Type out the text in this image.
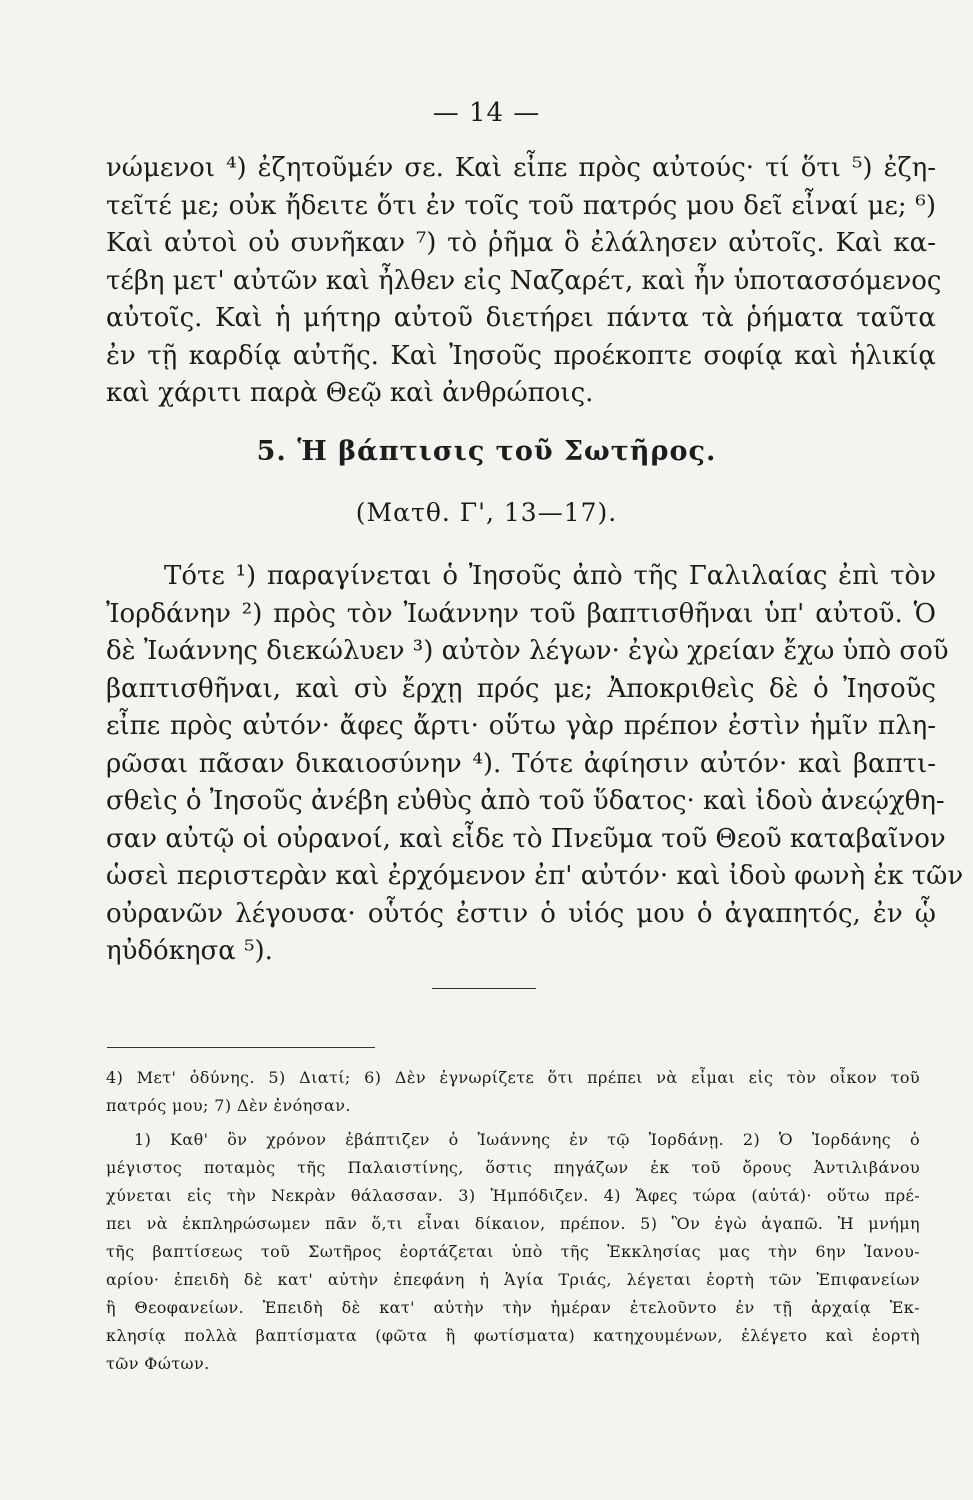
— 14 —
νώμενοι ⁴) ἐζητοῦμέν σε. Καὶ εἶπε πρὸς αὐτούς· τί ὅτι ⁵) ἐζη-
τεῖτέ με; οὐκ ἤδειτε ὅτι ἐν τοῖς τοῦ πατρός μου δεῖ εἶναί με; ⁶)
Καὶ αὐτοὶ οὐ συνῆκαν ⁷) τὸ ῥῆμα ὃ ἐλάλησεν αὐτοῖς. Καὶ κα-
τέβη μετ' αὐτῶν καὶ ἦλθεν εἰς Ναζαρέτ, καὶ ἦν ὑποτασσόμενος
αὐτοῖς. Καὶ ἡ μήτηρ αὐτοῦ διετήρει πάντα τὰ ῥήματα ταῦτα
ἐν τῇ καρδίᾳ αὐτῆς. Καὶ Ἰησοῦς προέκοπτε σοφίᾳ καὶ ἡλικίᾳ
καὶ χάριτι παρὰ Θεῷ καὶ ἀνθρώποις.
5. Ἡ βάπτισις τοῦ Σωτῆρος.
(Ματθ. Γ', 13—17).
Τότε ¹) παραγίνεται ὁ Ἰησοῦς ἀπὸ τῆς Γαλιλαίας ἐπὶ τὸν
Ἰορδάνην ²) πρὸς τὸν Ἰωάννην τοῦ βαπτισθῆναι ὑπ' αὐτοῦ. Ὁ
δὲ Ἰωάννης διεκώλυεν ³) αὐτὸν λέγων· ἐγὼ χρείαν ἔχω ὑπὸ σοῦ
βαπτισθῆναι, καὶ σὺ ἔρχῃ πρός με; Ἀποκριθεὶς δὲ ὁ Ἰησοῦς
εἶπε πρὸς αὐτόν· ἄφες ἄρτι· οὕτω γὰρ πρέπον ἐστὶν ἡμῖν πλη-
ρῶσαι πᾶσαν δικαιοσύνην ⁴). Τότε ἀφίησιν αὐτόν· καὶ βαπτι-
σθεὶς ὁ Ἰησοῦς ἀνέβη εὐθὺς ἀπὸ τοῦ ὕδατος· καὶ ἰδοὺ ἀνεῴχθη-
σαν αὐτῷ οἱ οὐρανοί, καὶ εἶδε τὸ Πνεῦμα τοῦ Θεοῦ καταβαῖνον
ὡσεὶ περιστερὰν καὶ ἐρχόμενον ἐπ' αὐτόν· καὶ ἰδοὺ φωνὴ ἐκ τῶν
οὐρανῶν λέγουσα· οὗτός ἐστιν ὁ υἱός μου ὁ ἀγαπητός, ἐν ᾧ
ηὐδόκησα ⁵).
4) Μετ' ὀδύνης. 5) Διατί; 6) Δὲν ἐγνωρίζετε ὅτι πρέπει νὰ εἶμαι εἰς τὸν οἶκον τοῦ
πατρός μου; 7) Δὲν ἐνόησαν.
1) Καθ' ὃν χρόνον ἐβάπτιζεν ὁ Ἰωάννης ἐν τῷ Ἰορδάνῃ. 2) Ὁ Ἰορδάνης ὁ
μέγιστος ποταμὸς τῆς Παλαιστίνης, ὅστις πηγάζων ἐκ τοῦ ὄρους Ἀντιλιβάνου
χύνεται εἰς τὴν Νεκρὰν θάλασσαν. 3) Ἠμπόδιζεν. 4) Ἄφες τώρα (αὐτά)· οὕτω πρέ-
πει νὰ ἐκπληρώσωμεν πᾶν ὅ,τι εἶναι δίκαιον, πρέπον. 5) Ὃν ἐγὼ ἀγαπῶ. Ἡ μνήμη
τῆς βαπτίσεως τοῦ Σωτῆρος ἑορτάζεται ὑπὸ τῆς Ἐκκλησίας μας τὴν 6ην Ἰανου-
αρίου· ἐπειδὴ δὲ κατ' αὐτὴν ἐπεφάνη ἡ Ἁγία Τριάς, λέγεται ἑορτὴ τῶν Ἐπιφανείων
ἢ Θεοφανείων. Ἐπειδὴ δὲ κατ' αὐτὴν τὴν ἡμέραν ἐτελοῦντο ἐν τῇ ἀρχαίᾳ Ἐκ-
κλησίᾳ πολλὰ βαπτίσματα (φῶτα ἢ φωτίσματα) κατηχουμένων, ἐλέγετο καὶ ἑορτὴ
τῶν Φώτων.
